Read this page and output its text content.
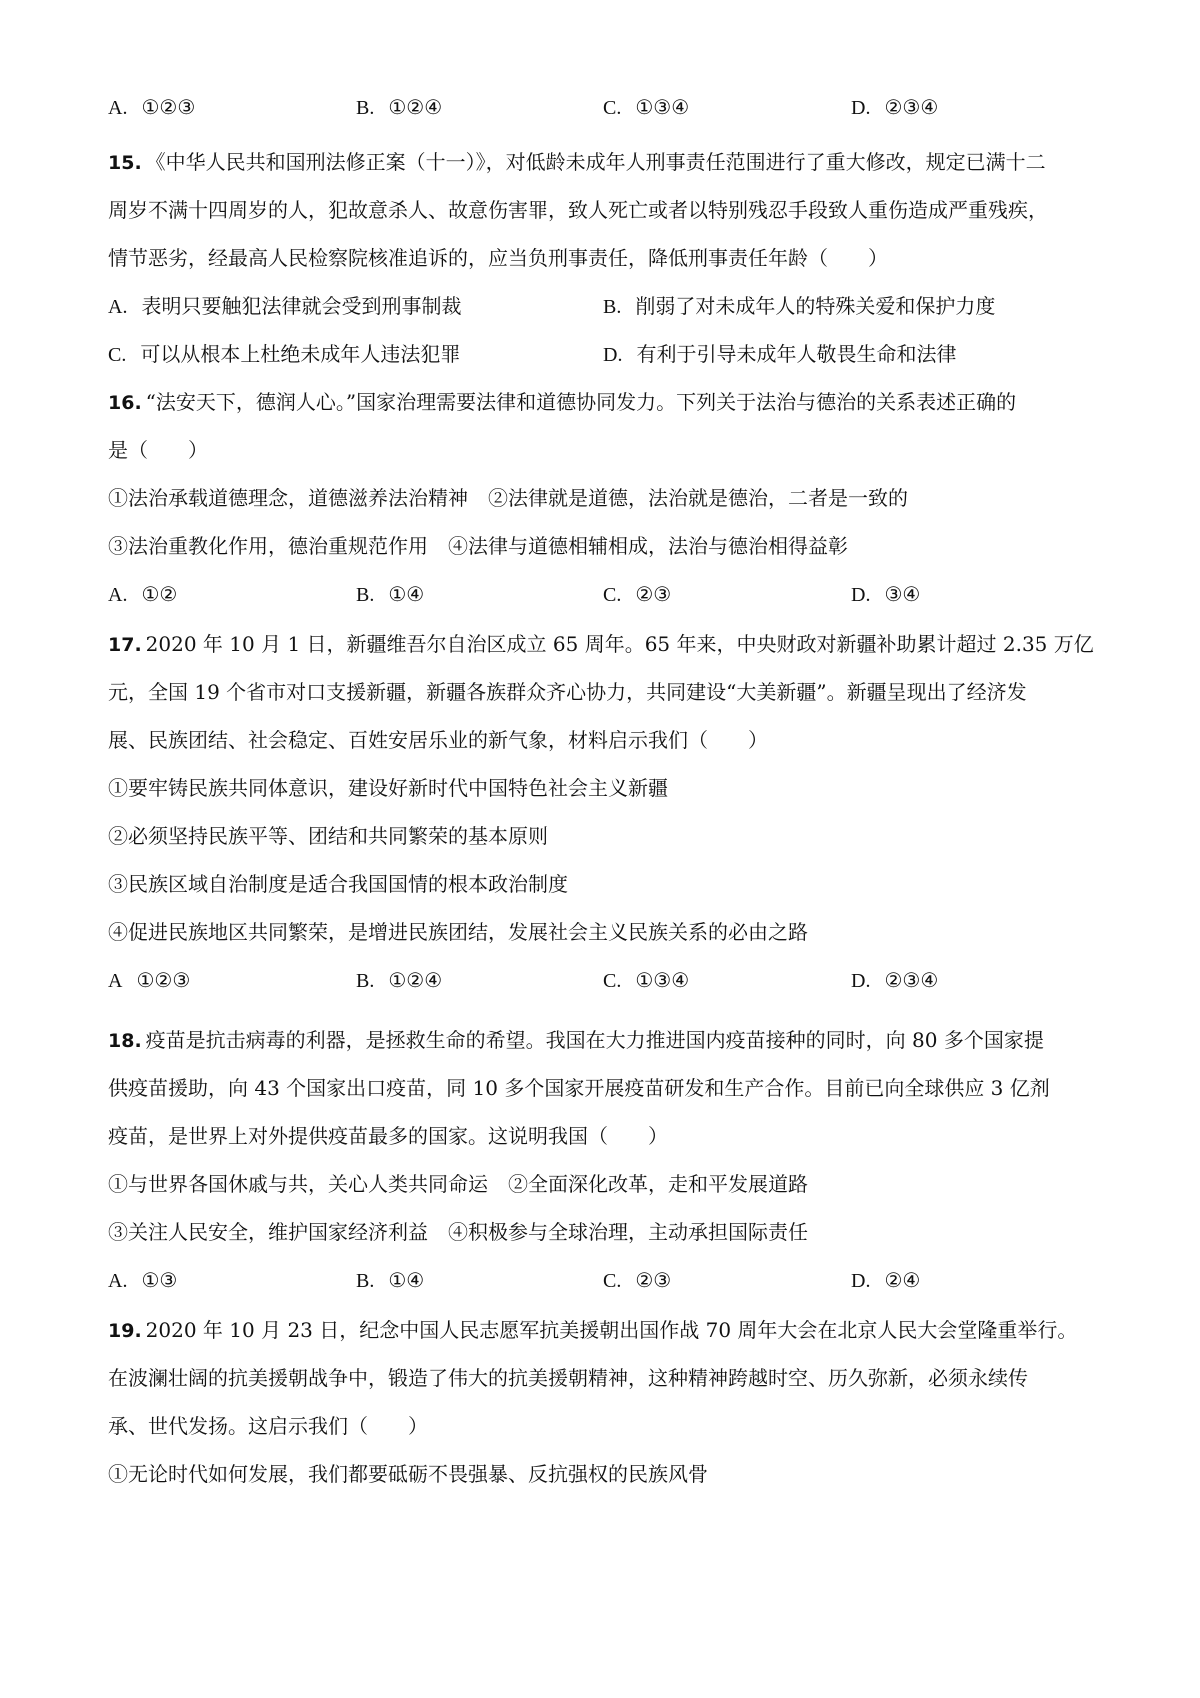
A. ①②③	B. ①②④	C. ①③④	D. ②③④
15. 《中华人民共和国刑法修正案（十一）》，对低龄未成年人刑事责任范围进行了重大修改，规定已满十二
周岁不满十四周岁的人，犯故意杀人、故意伤害罪，致人死亡或者以特别残忍手段致人重伤造成严重残疾，
情节恶劣，经最高人民检察院核准追诉的，应当负刑事责任，降低刑事责任年龄（　　）
A. 表明只要触犯法律就会受到刑事制裁	B. 削弱了对未成年人的特殊关爱和保护力度
C. 可以从根本上杜绝未成年人违法犯罪	D. 有利于引导未成年人敬畏生命和法律
16. “法安天下，德润人心。”国家治理需要法律和道德协同发力。下列关于法治与德治的关系表述正确的
是（　　）
①法治承载道德理念，道德滋养法治精神　②法律就是道德，法治就是德治，二者是一致的
③法治重教化作用，德治重规范作用　④法律与道德相辅相成，法治与德治相得益彰
A. ①②	B. ①④	C. ②③	D. ③④
17. 2020 年 10 月 1 日，新疆维吾尔自治区成立 65 周年。65 年来，中央财政对新疆补助累计超过 2.35 万亿
元，全国 19 个省市对口支援新疆，新疆各族群众齐心协力，共同建设“大美新疆”。新疆呈现出了经济发
展、民族团结、社会稳定、百姓安居乐业的新气象，材料启示我们（　　）
①要牢铸民族共同体意识，建设好新时代中国特色社会主义新疆
②必须坚持民族平等、团结和共同繁荣的基本原则
③民族区域自治制度是适合我国国情的根本政治制度
④促进民族地区共同繁荣，是增进民族团结，发展社会主义民族关系的必由之路
A ①②③	B. ①②④	C. ①③④	D. ②③④
18. 疫苗是抗击病毒的利器，是拯救生命的希望。我国在大力推进国内疫苗接种的同时，向 80 多个国家提
供疫苗援助，向 43 个国家出口疫苗，同 10 多个国家开展疫苗研发和生产合作。目前已向全球供应 3 亿剂
疫苗，是世界上对外提供疫苗最多的国家。这说明我国（　　）
①与世界各国休戚与共，关心人类共同命运　②全面深化改革，走和平发展道路
③关注人民安全，维护国家经济利益　④积极参与全球治理，主动承担国际责任
A. ①③	B. ①④	C. ②③	D. ②④
19. 2020 年 10 月 23 日，纪念中国人民志愿军抗美援朝出国作战 70 周年大会在北京人民大会堂隆重举行。
在波澜壮阔的抗美援朝战争中，锻造了伟大的抗美援朝精神，这种精神跨越时空、历久弥新，必须永续传
承、世代发扬。这启示我们（　　）
①无论时代如何发展，我们都要砥砺不畏强暴、反抗强权的民族风骨
